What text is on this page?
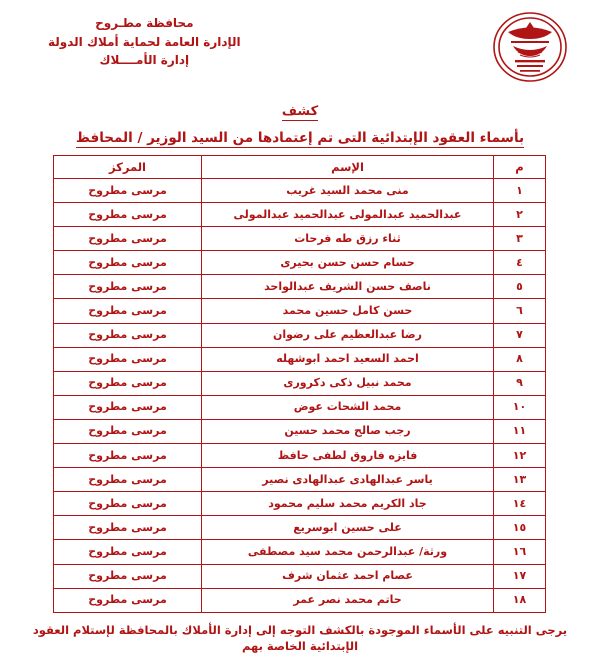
محافظة مطـروح
الإدارة العامة لحماية أملاك الدولة
إدارة الأمــــلاك
كشف
بأسماء العقود الإبتدائية التى تم إعتمادها من السيد الوزير / المحافظ
م	الإسم	المركز
١	منى محمد السيد غريب	مرسى مطروح
٢	عبدالحميد عبدالمولى عبدالحميد عبدالمولى	مرسى مطروح
٣	ثناء رزق طه فرحات	مرسى مطروح
٤	حسام حسن حسن بحيرى	مرسى مطروح
٥	ناصف حسن الشريف عبدالواحد	مرسى مطروح
٦	حسن كامل حسين محمد	مرسى مطروح
٧	رضا عبدالعظيم على رضوان	مرسى مطروح
٨	احمد السعيد احمد ابوشهله	مرسى مطروح
٩	محمد نبيل ذكى دكرورى	مرسى مطروح
١٠	محمد الشحات عوض	مرسى مطروح
١١	رجب صالح محمد حسين	مرسى مطروح
١٢	فايزه فاروق لطفى حافظ	مرسى مطروح
١٣	ياسر عبدالهادى عبدالهادى نصير	مرسى مطروح
١٤	جاد الكريم محمد سليم محمود	مرسى مطروح
١٥	على حسين ابوسريع	مرسى مطروح
١٦	ورثة/ عبدالرحمن محمد سيد مصطفى	مرسى مطروح
١٧	عصام احمد عثمان شرف	مرسى مطروح
١٨	حاتم محمد نصر عمر	مرسى مطروح
يرجى التنبيه على الأسماء الموجودة بالكشف التوجه إلى إدارة الأملاك بالمحافظة لإستلام العقود الإبتدائية الخاصة بهم
